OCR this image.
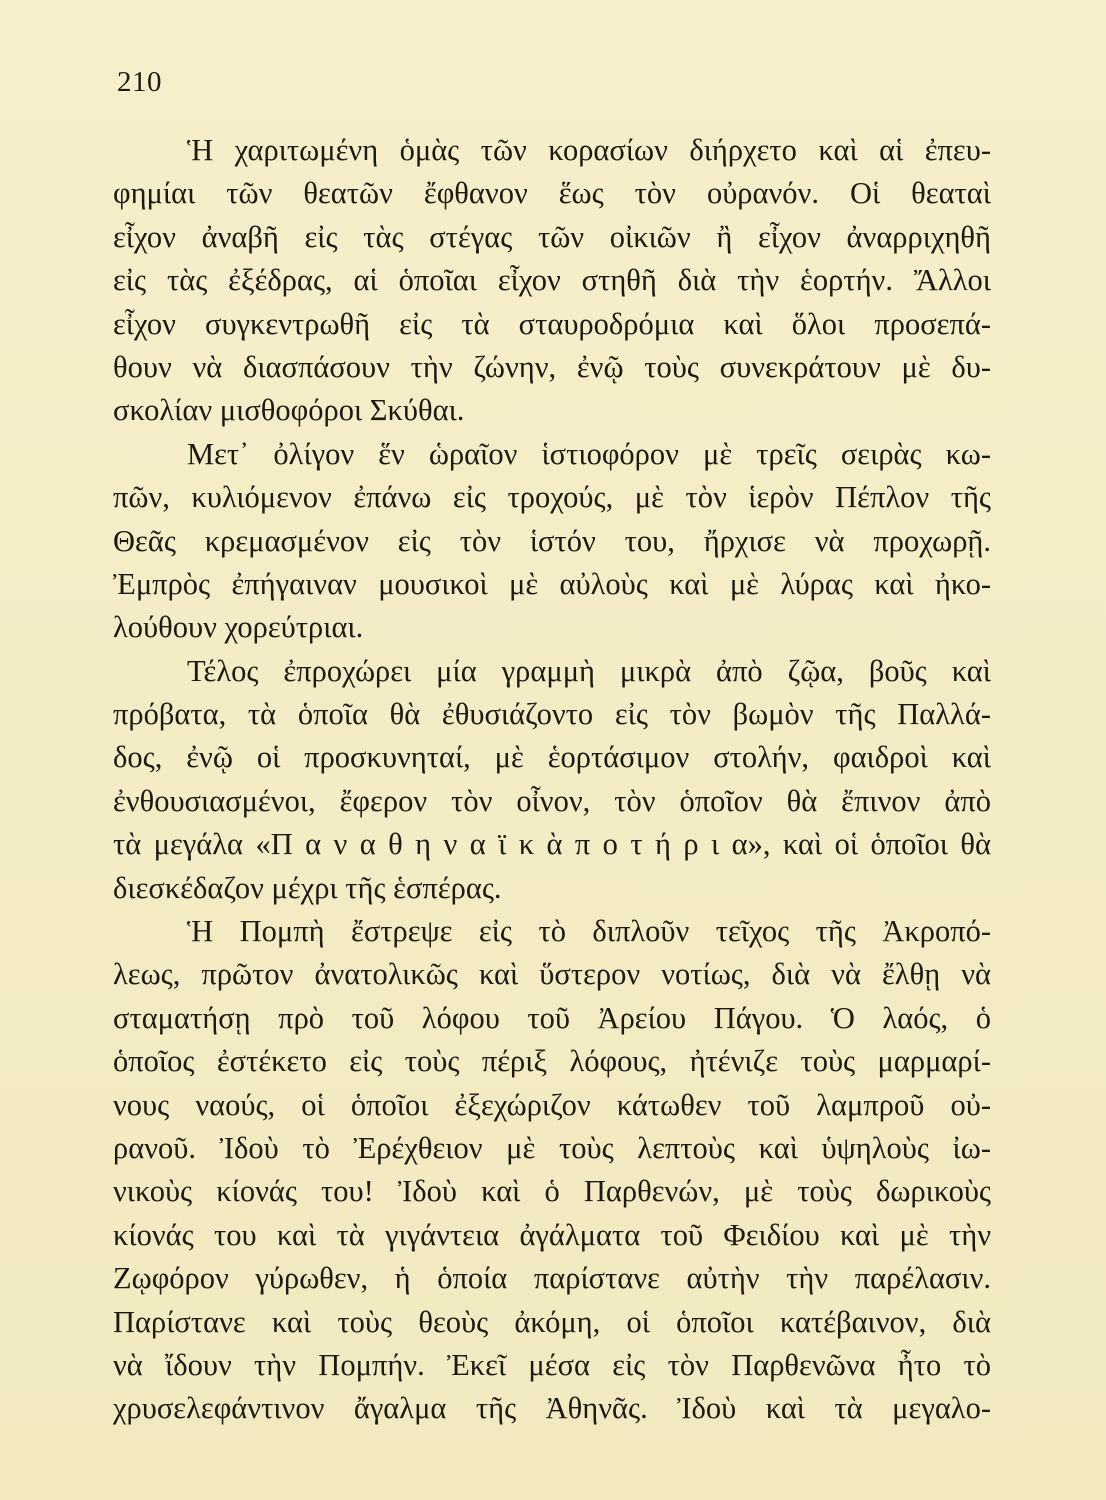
210
Ἡ χαριτωμένη ὁμὰς τῶν κορασίων διήρχετο καὶ αἱ ἐπευ-
φημίαι τῶν θεατῶν ἔφθανον ἕως τὸν οὐρανόν. Οἱ θεαταὶ
εἶχον ἀναβῆ εἰς τὰς στέγας τῶν οἰκιῶν ἢ εἶχον ἀναρριχηθῆ
εἰς τὰς ἐξέδρας, αἱ ὁποῖαι εἶχον στηθῆ διὰ τὴν ἑορτήν. Ἄλλοι
εἶχον συγκεντρωθῆ εἰς τὰ σταυροδρόμια καὶ ὅλοι προσεπά-
θουν νὰ διασπάσουν τὴν ζώνην, ἐνῷ τοὺς συνεκράτουν μὲ δυ-
σκολίαν μισθοφόροι Σκύθαι.
Μετ᾽ ὀλίγον ἕν ὡραῖον ἱστιοφόρον μὲ τρεῖς σειρὰς κω-
πῶν, κυλιόμενον ἐπάνω εἰς τροχούς, μὲ τὸν ἱερὸν Πέπλον τῆς
Θεᾶς κρεμασμένον εἰς τὸν ἱστόν του, ἤρχισε νὰ προχωρῇ.
Ἐμπρὸς ἐπήγαιναν μουσικοὶ μὲ αὐλοὺς καὶ μὲ λύρας καὶ ἠκο-
λούθουν χορεύτριαι.
Τέλος ἐπροχώρει μία γραμμὴ μικρὰ ἀπὸ ζῷα, βοῦς καὶ
πρόβατα, τὰ ὁποῖα θὰ ἐθυσιάζοντο εἰς τὸν βωμὸν τῆς Παλλά-
δος, ἐνῷ οἱ προσκυνηταί, μὲ ἑορτάσιμον στολήν, φαιδροὶ καὶ
ἐνθουσιασμένοι, ἔφερον τὸν οἶνον, τὸν ὁποῖον θὰ ἔπινον ἀπὸ
τὰ μεγάλα «Π α ν α θ η ν α ϊ κ ὰ π ο τ ή ρ ι α», καὶ οἱ ὁποῖοι θὰ
διεσκέδαζον μέχρι τῆς ἑσπέρας.
Ἡ Πομπὴ ἔστρεψε εἰς τὸ διπλοῦν τεῖχος τῆς Ἀκροπό-
λεως, πρῶτον ἀνατολικῶς καὶ ὕστερον νοτίως, διὰ νὰ ἔλθῃ νὰ
σταματήσῃ πρὸ τοῦ λόφου τοῦ Ἀρείου Πάγου. Ὁ λαός, ὁ
ὁποῖος ἐστέκετο εἰς τοὺς πέριξ λόφους, ἠτένιζε τοὺς μαρμαρί-
νους ναούς, οἱ ὁποῖοι ἐξεχώριζον κάτωθεν τοῦ λαμπροῦ οὐ-
ρανοῦ. Ἰδοὺ τὸ Ἐρέχθειον μὲ τοὺς λεπτοὺς καὶ ὑψηλοὺς ἰω-
νικοὺς κίονάς του! Ἰδοὺ καὶ ὁ Παρθενών, μὲ τοὺς δωρικοὺς
κίονάς του καὶ τὰ γιγάντεια ἀγάλματα τοῦ Φειδίου καὶ μὲ τὴν
Ζῳφόρον γύρωθεν, ἡ ὁποία παρίστανε αὐτὴν τὴν παρέλασιν.
Παρίστανε καὶ τοὺς θεοὺς ἀκόμη, οἱ ὁποῖοι κατέβαινον, διὰ
νὰ ἴδουν τὴν Πομπήν. Ἐκεῖ μέσα εἰς τὸν Παρθενῶνα ἦτο τὸ
χρυσελεφάντινον ἄγαλμα τῆς Ἀθηνᾶς. Ἰδοὺ καὶ τὰ μεγαλο-
